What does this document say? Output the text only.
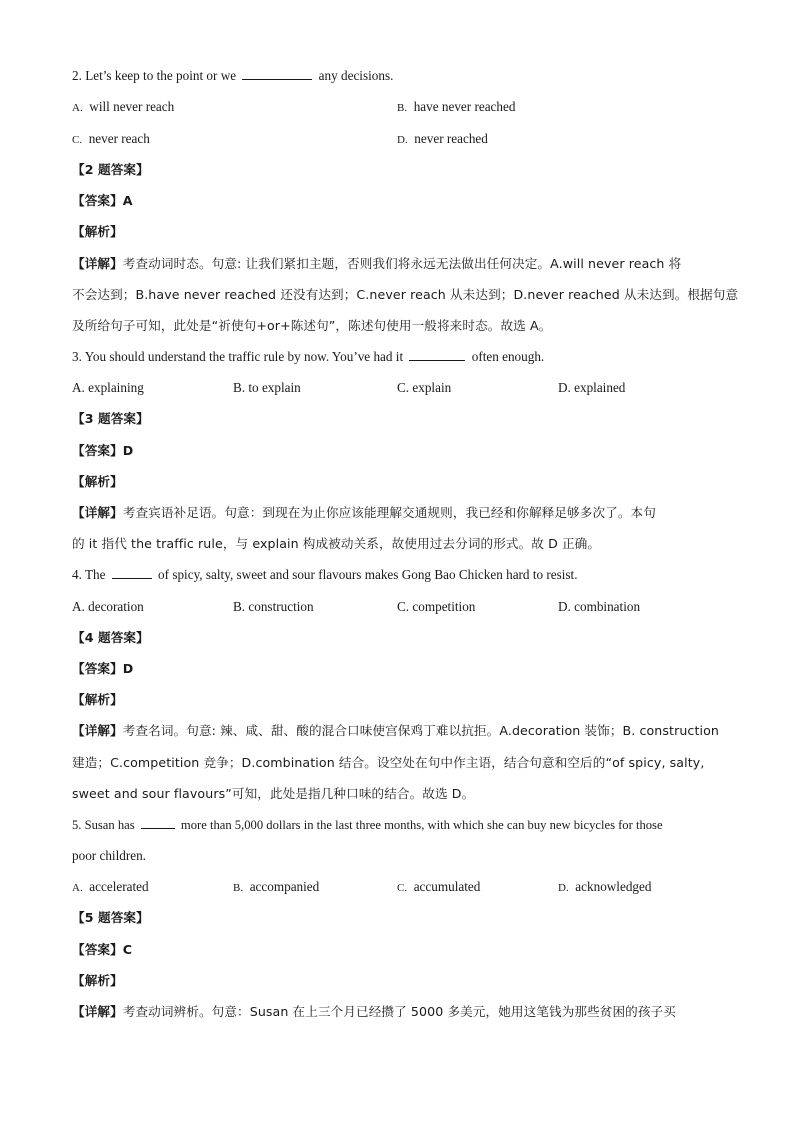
2. Let’s keep to the point or we	any decisions.
A. will never reach	B. have never reached
C. never reach	D. never reached
【2 题答案】
【答案】A
【解析】
【详解】考查动词时态。句意: 让我们紧扣主题，否则我们将永远无法做出任何决定。A.will never reach 将
不会达到；B.have never reached 还没有达到；C.never reach 从未达到；D.never reached 从未达到。根据句意
及所给句子可知，此处是“祈使句+or+陈述句”，陈述句使用一般将来时态。故选 A。
3. You should understand the traffic rule by now. You’ve had it	often enough.
A. explaining	B. to explain	C. explain	D. explained
【3 题答案】
【答案】D
【解析】
【详解】考查宾语补足语。句意：到现在为止你应该能理解交通规则，我已经和你解释足够多次了。本句
的 it 指代 the traffic rule，与 explain 构成被动关系，故使用过去分词的形式。故 D 正确。
4. The	of spicy, salty, sweet and sour flavours makes Gong Bao Chicken hard to resist.
A. decoration	B. construction	C. competition	D. combination
【4 题答案】
【答案】D
【解析】
【详解】考查名词。句意: 辣、咸、甜、酸的混合口味使宫保鸡丁难以抗拒。A.decoration 装饰；B. construction
建造；C.competition 竞争；D.combination 结合。设空处在句中作主语，结合句意和空后的“of spicy, salty,
sweet and sour flavours”可知，此处是指几种口味的结合。故选 D。
5. Susan has	more than 5,000 dollars in the last three months, with which she can buy new bicycles for those
poor children.
A. accelerated	B. accompanied	C. accumulated	D. acknowledged
【5 题答案】
【答案】C
【解析】
【详解】考查动词辨析。句意：Susan 在上三个月已经攒了 5000 多美元，她用这笔钱为那些贫困的孩子买
